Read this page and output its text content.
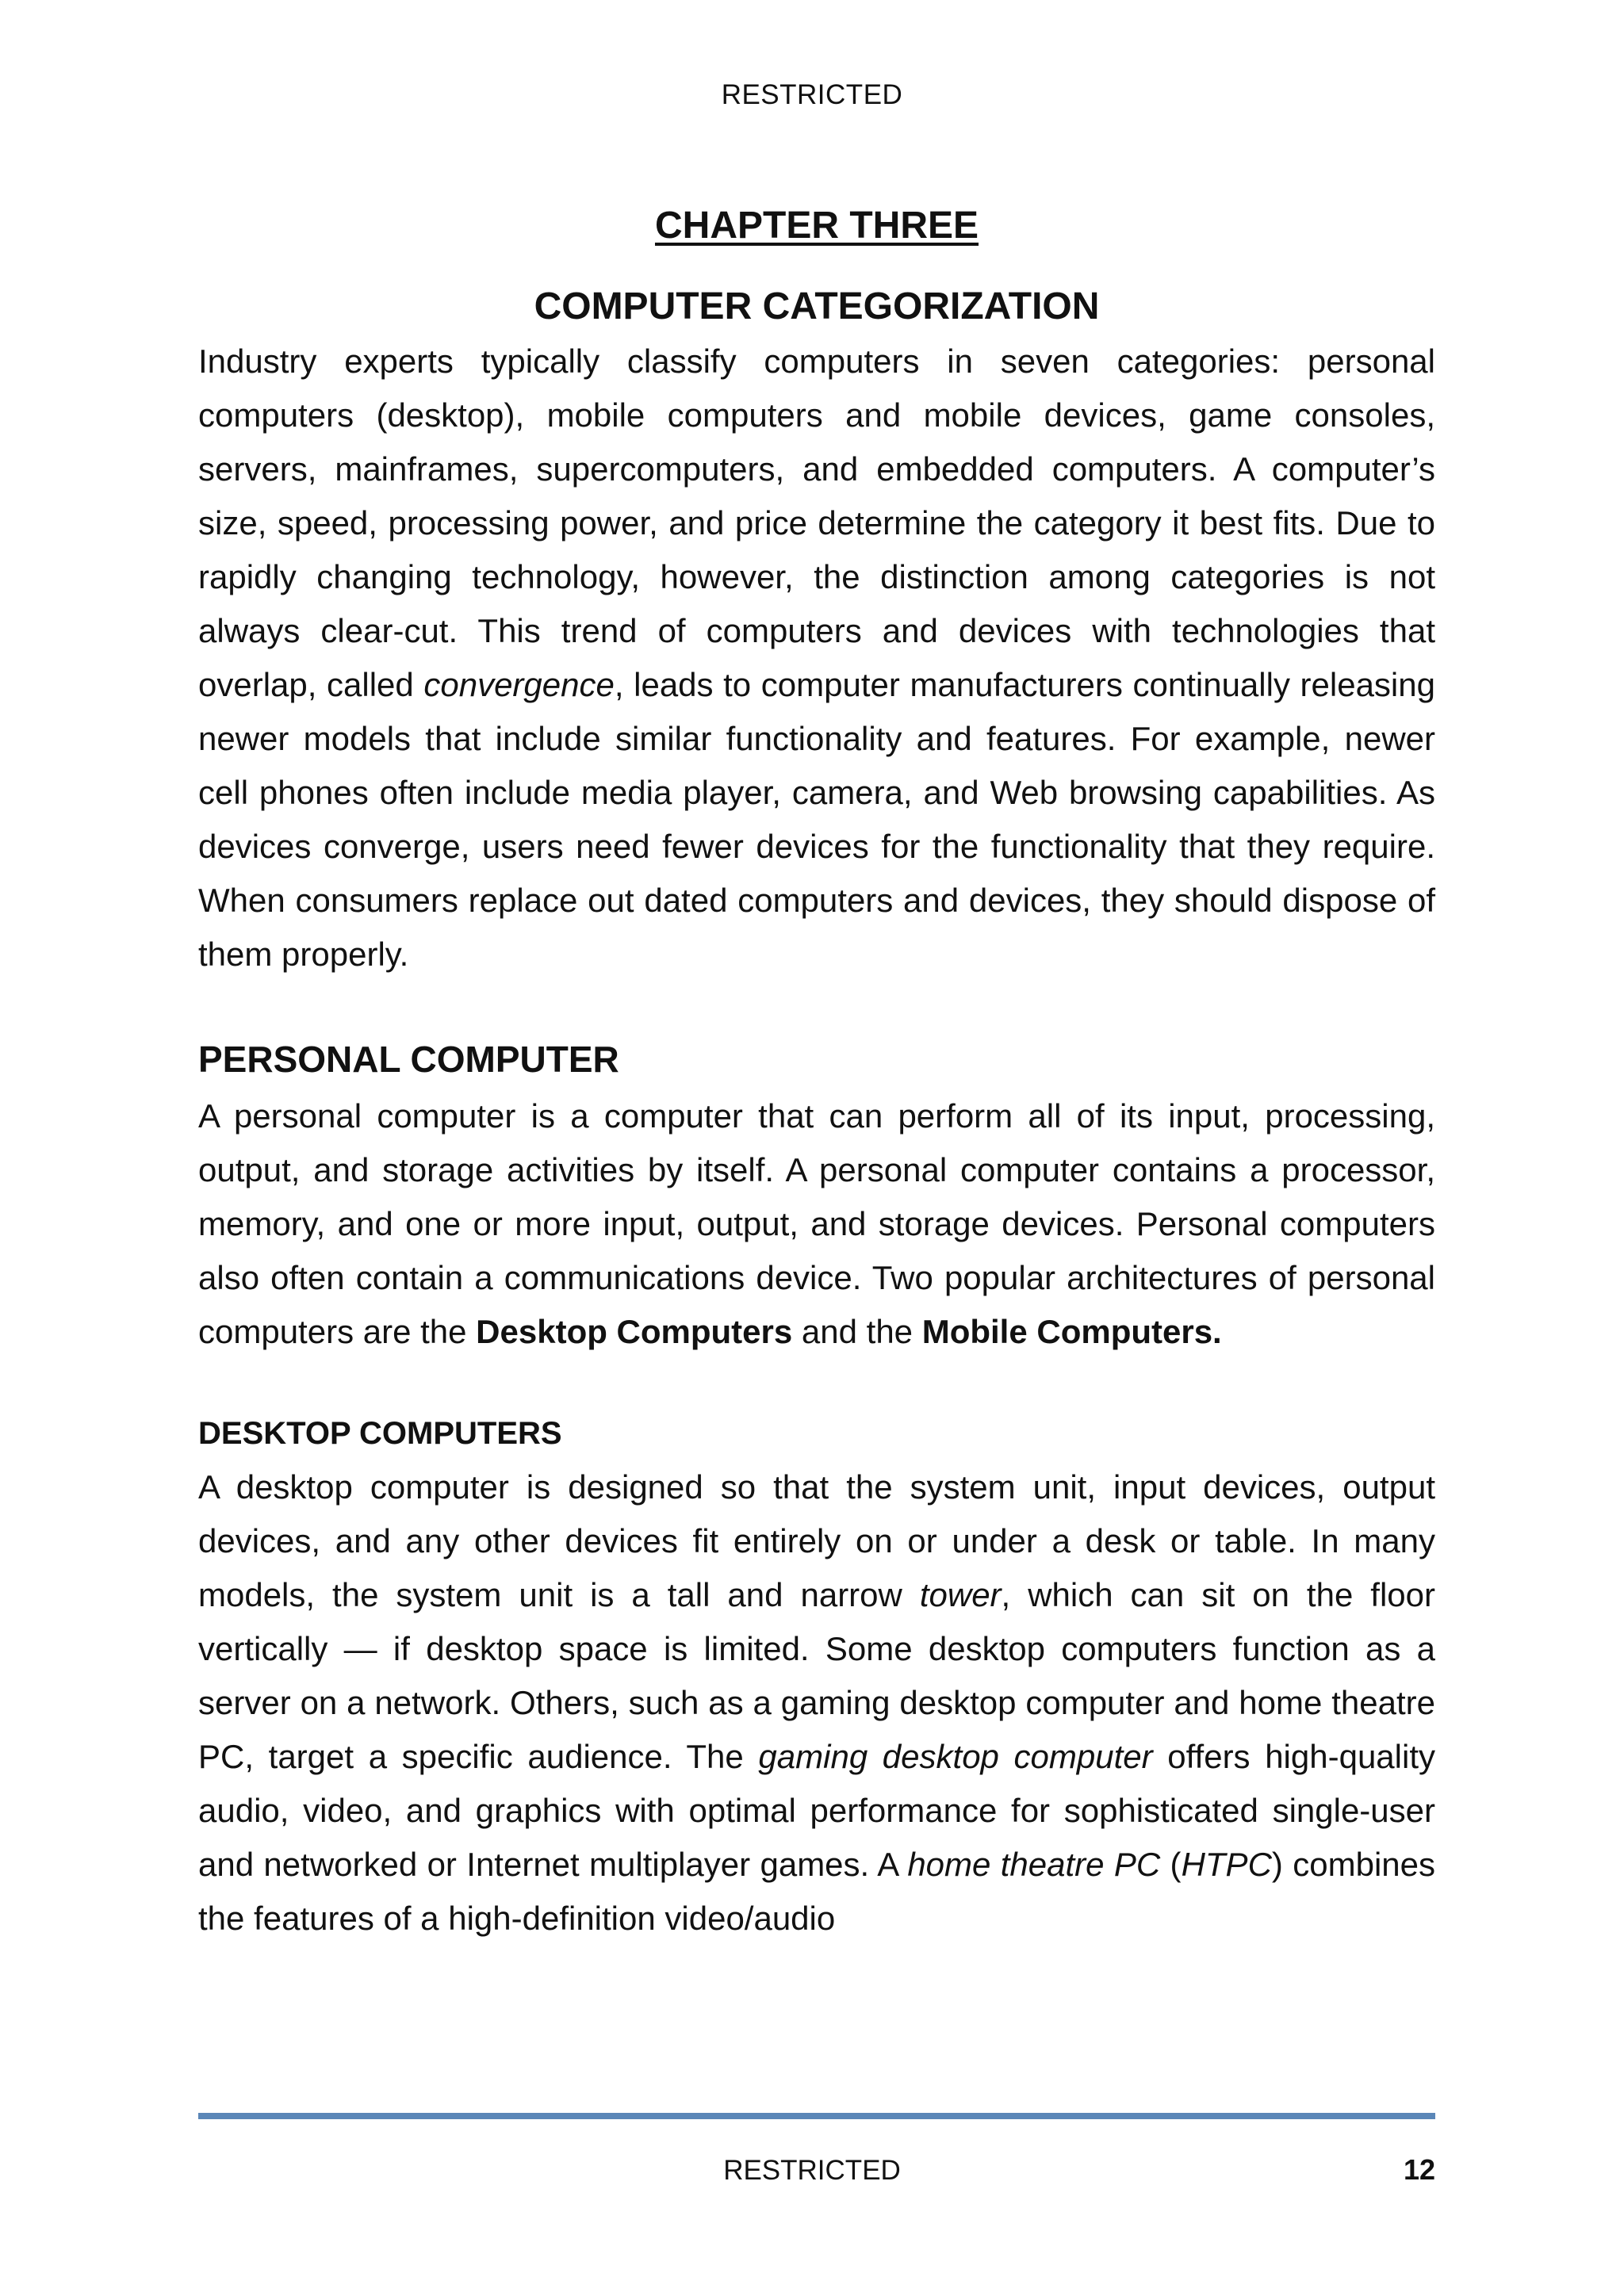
RESTRICTED
CHAPTER THREE
COMPUTER CATEGORIZATION

Industry experts typically classify computers in seven categories: personal computers (desktop), mobile computers and mobile devices, game consoles, servers, mainframes, supercomputers, and embedded computers. A computer’s size, speed, processing power, and price determine the category it best fits. Due to rapidly changing technology, however, the distinction among categories is not always clear-cut. This trend of computers and devices with technologies that overlap, called convergence, leads to computer manufacturers continually releasing newer models that include similar functionality and features. For example, newer cell phones often include media player, camera, and Web browsing capabilities. As devices converge, users need fewer devices for the functionality that they require. When consumers replace out dated computers and devices, they should dispose of them properly.

PERSONAL COMPUTER

A personal computer is a computer that can perform all of its input, processing, output, and storage activities by itself. A personal computer contains a processor, memory, and one or more input, output, and storage devices. Personal computers also often contain a communications device. Two popular architectures of personal computers are the Desktop Computers and the Mobile Computers.

DESKTOP COMPUTERS

A desktop computer is designed so that the system unit, input devices, output devices, and any other devices fit entirely on or under a desk or table. In many models, the system unit is a tall and narrow tower, which can sit on the floor vertically — if desktop space is limited. Some desktop computers function as a server on a network. Others, such as a gaming desktop computer and home theatre PC, target a specific audience. The gaming desktop computer offers high-quality audio, video, and graphics with optimal performance for sophisticated single-user and networked or Internet multiplayer games. A home theatre PC (HTPC) combines the features of a high-definition video/audio

RESTRICTED	12
